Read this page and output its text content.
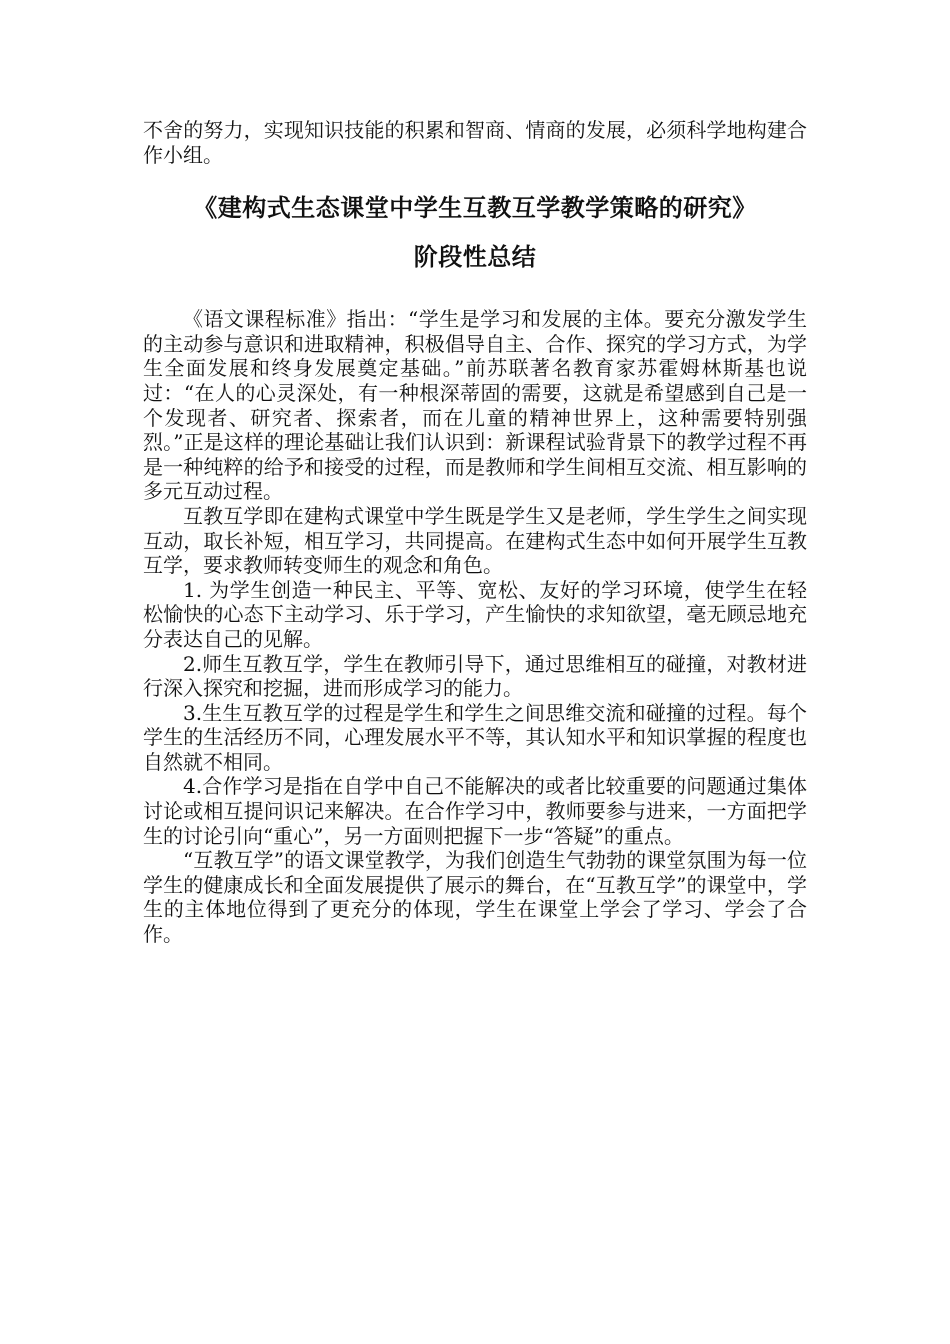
不舍的努力，实现知识技能的积累和智商、情商的发展，必须科学地构建合作小组。

《建构式生态课堂中学生互教互学教学策略的研究》
阶段性总结

《语文课程标准》指出：“学生是学习和发展的主体。要充分激发学生的主动参与意识和进取精神，积极倡导自主、合作、探究的学习方式，为学生全面发展和终身发展奠定基础。”前苏联著名教育家苏霍姆林斯基也说过：“在人的心灵深处，有一种根深蒂固的需要，这就是希望感到自己是一个发现者、研究者、探索者，而在儿童的精神世界上，这种需要特别强烈。”正是这样的理论基础让我们认识到：新课程试验背景下的教学过程不再是一种纯粹的给予和接受的过程，而是教师和学生间相互交流、相互影响的多元互动过程。

互教互学即在建构式课堂中学生既是学生又是老师，学生学生之间实现互动，取长补短，相互学习，共同提高。在建构式生态中如何开展学生互教互学，要求教师转变师生的观念和角色。

1. 为学生创造一种民主、平等、宽松、友好的学习环境，使学生在轻松愉快的心态下主动学习、乐于学习，产生愉快的求知欲望，毫无顾忌地充分表达自己的见解。

2.师生互教互学，学生在教师引导下，通过思维相互的碰撞，对教材进行深入探究和挖掘，进而形成学习的能力。

3.生生互教互学的过程是学生和学生之间思维交流和碰撞的过程。每个学生的生活经历不同，心理发展水平不等，其认知水平和知识掌握的程度也自然就不相同。

4.合作学习是指在自学中自己不能解决的或者比较重要的问题通过集体讨论或相互提问识记来解决。在合作学习中，教师要参与进来，一方面把学生的讨论引向“重心”，另一方面则把握下一步“答疑”的重点。

“互教互学”的语文课堂教学，为我们创造生气勃勃的课堂氛围为每一位学生的健康成长和全面发展提供了展示的舞台，在“互教互学”的课堂中，学生的主体地位得到了更充分的体现，学生在课堂上学会了学习、学会了合作。
